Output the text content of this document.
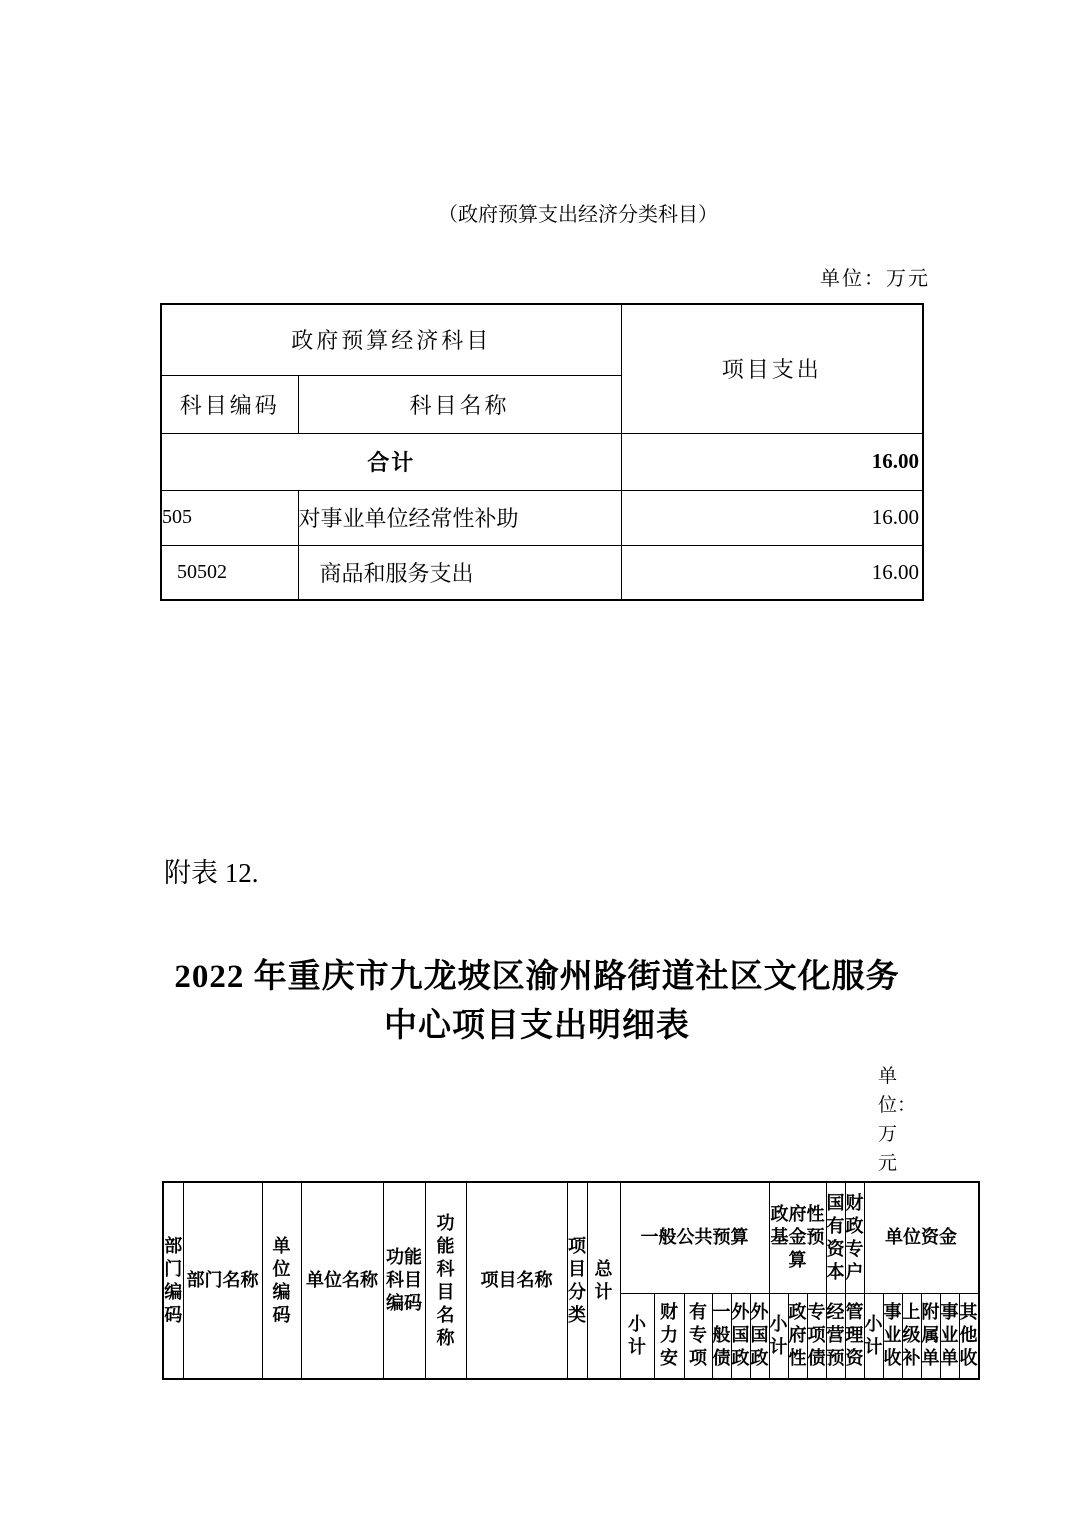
（政府预算支出经济分类科目）
单位：万元
政府预算经济科目		项目支出
科目编码	科目名称	
合计		16.00
505	对事业单位经常性补助	16.00
50502	商品和服务支出	16.00
附表 12.
2022 年重庆市九龙坡区渝州路街道社区文化服务
中心项目支出明细表
单位：万元
部门编码	部门名称	单位编码	单位名称	功能科目编码	功能科目名称	项目名称	项目分类	总计	一般公共预算						政府性基金预算			国有资本	财政专户	单位资金					
									小计	财力安	有专项	一般债	外国政	外国政	小计	政府性	专项债	经营预	管理资	小计	事业收	上级补	附属单	事业单	其他收
